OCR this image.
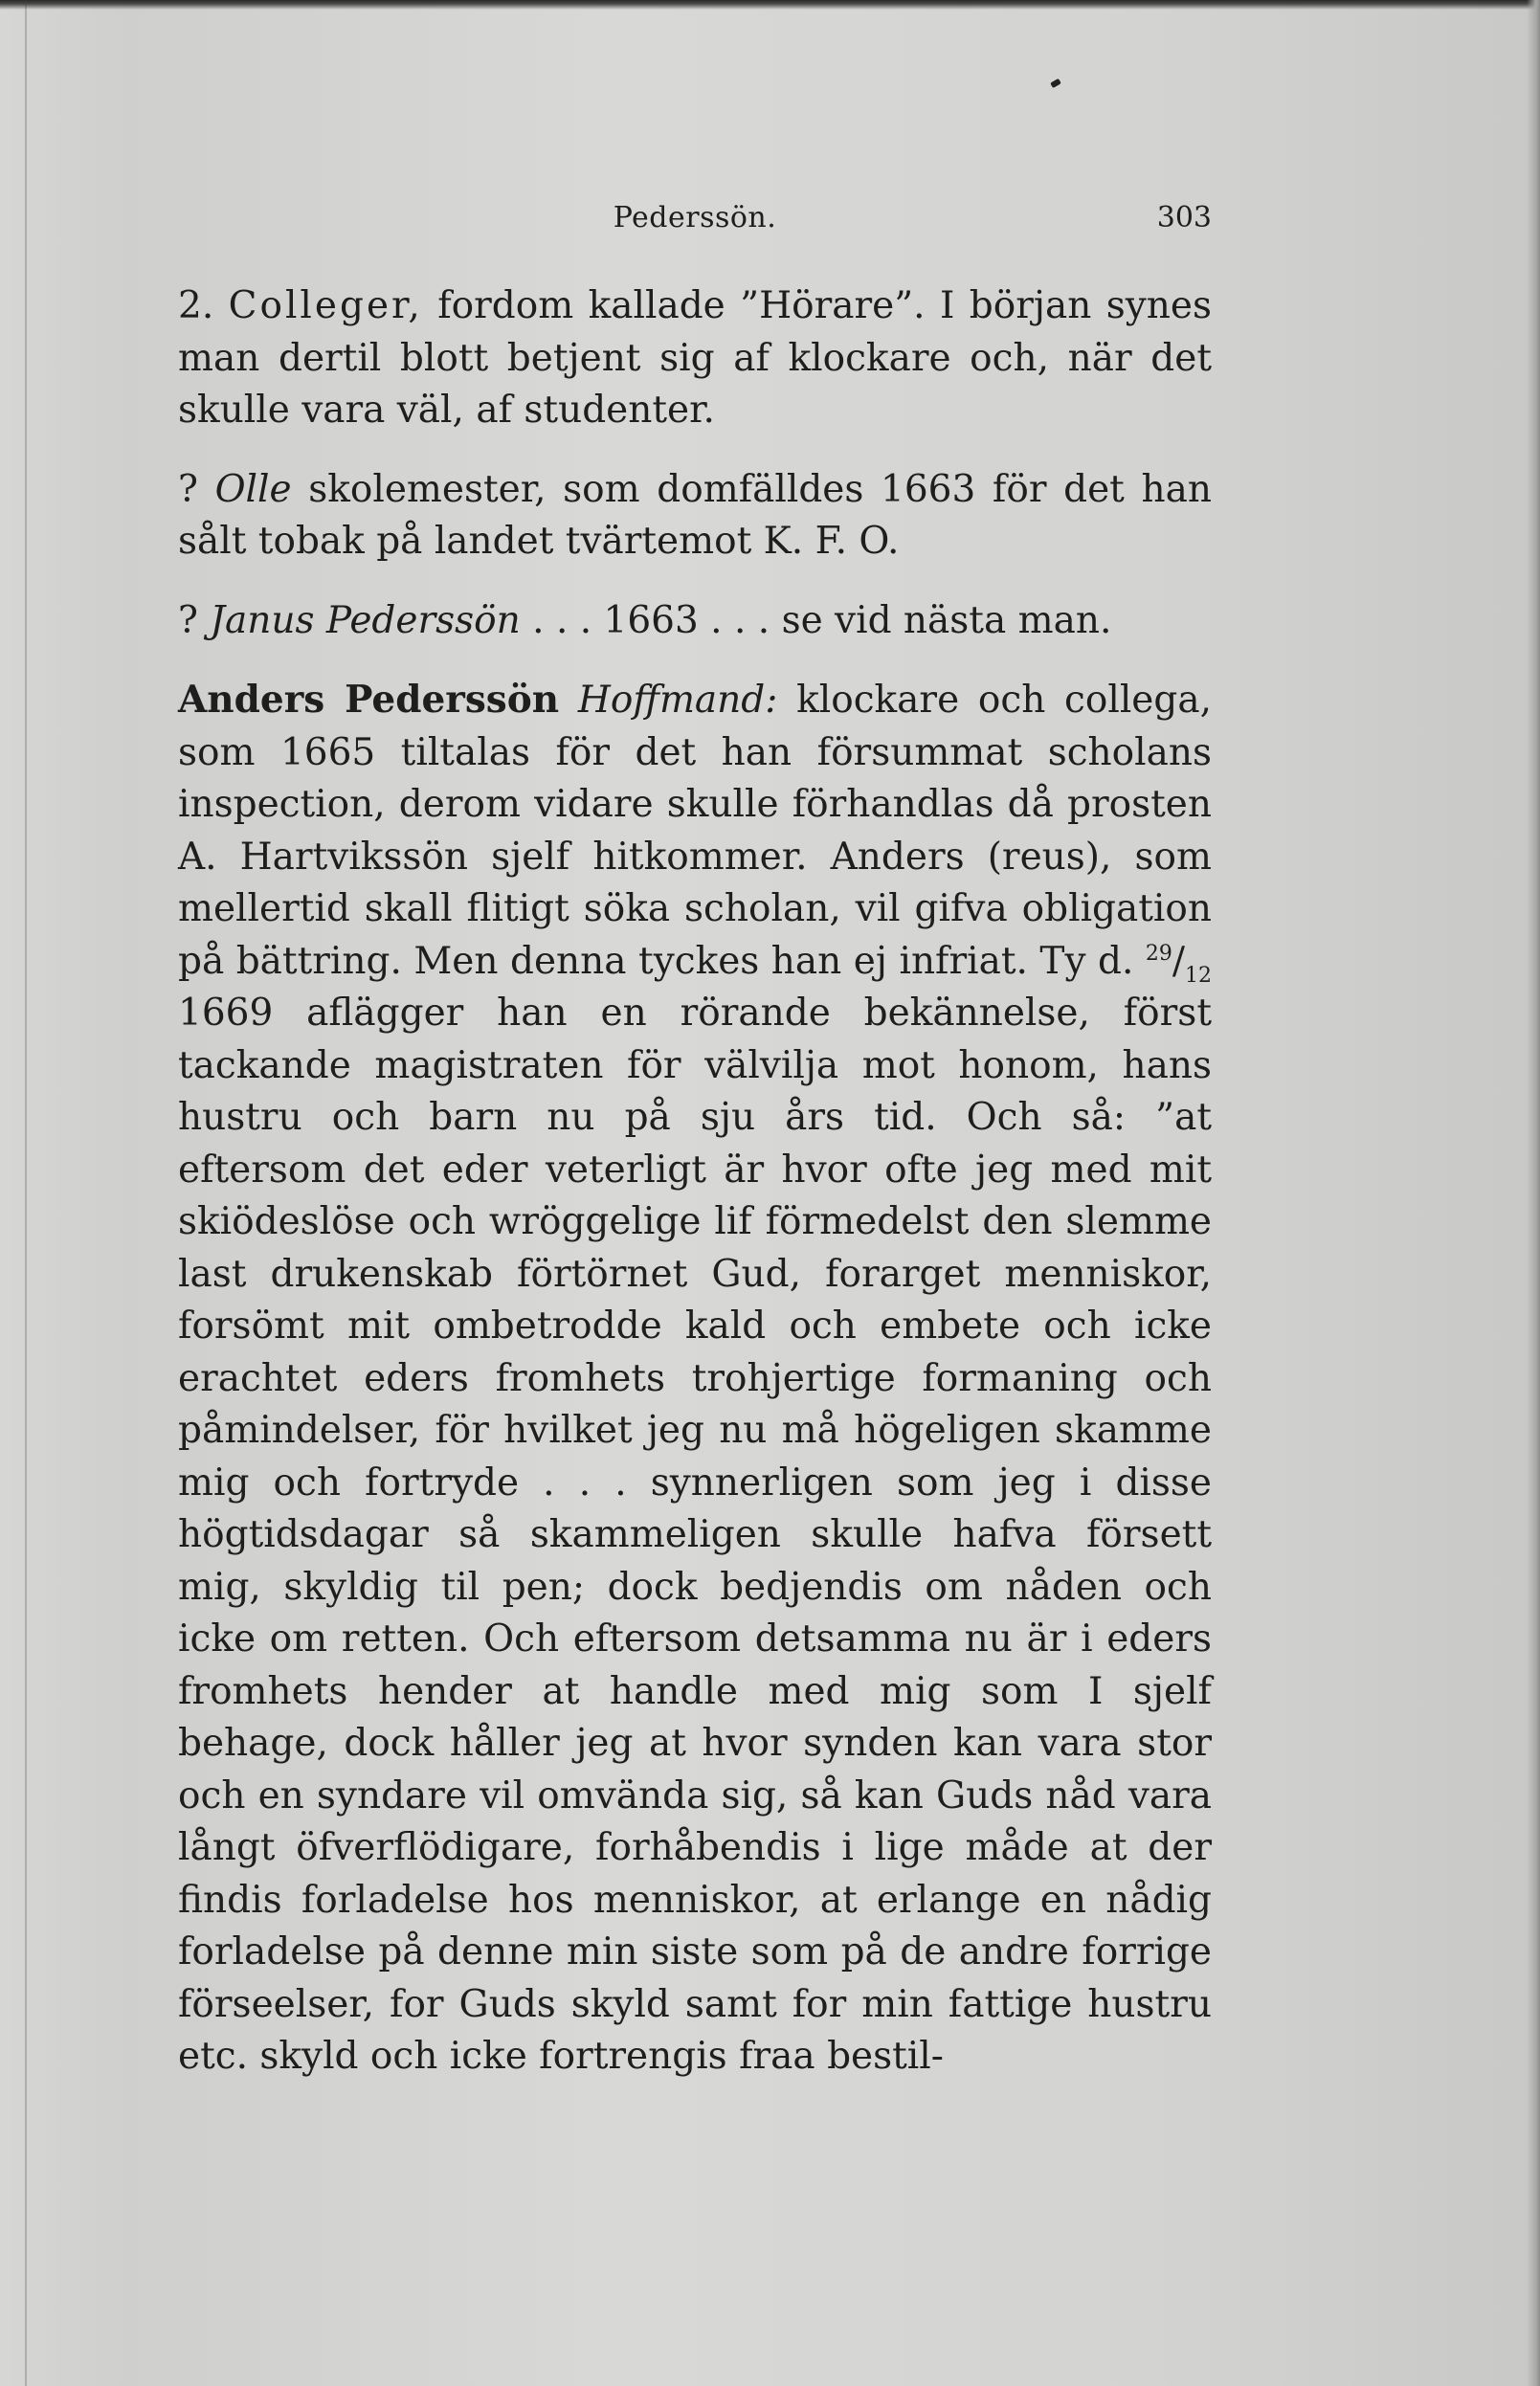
Pederssön.	303

2. Colleger, fordom kallade ”Hörare”. I början synes man dertil blott betjent sig af klockare och, när det skulle vara väl, af studenter.

? Olle skolemester, som domfälldes 1663 för det han sålt tobak på landet tvärtemot K. F. O.

? Janus Pederssön . . . 1663 . . . se vid nästa man.

Anders Pederssön Hoffmand: klockare och collega, som 1665 tiltalas för det han försummat scholans inspection, derom vidare skulle förhandlas då prosten A. Hartvikssön sjelf hitkommer. Anders (reus), som mellertid skall flitigt söka scholan, vil gifva obligation på bättring. Men denna tyckes han ej infriat. Ty d. $^{29}/_{12}$ 1669 aflägger han en rörande bekännelse, först tackande magistraten för välvilja mot honom, hans hustru och barn nu på sju års tid. Och så: ”at eftersom det eder veterligt är hvor ofte jeg med mit skiödeslöse och wröggelige lif förmedelst den slemme last drukenskab förtörnet Gud, forarget menniskor, forsömt mit ombetrodde kald och embete och icke erachtet eders fromhets trohjertige formaning och påmindelser, för hvilket jeg nu må högeligen skamme mig och fortryde . . . synnerligen som jeg i disse högtidsdagar så skammeligen skulle hafva försett mig, skyldig til pen; dock bedjendis om nåden och icke om retten. Och eftersom detsamma nu är i eders fromhets hender at handle med mig som I sjelf behage, dock håller jeg at hvor synden kan vara stor och en syndare vil omvända sig, så kan Guds nåd vara långt öfverflödigare, forhåbendis i lige måde at der findis forladelse hos menniskor, at erlange en nådig forladelse på denne min siste som på de andre forrige förseelser, for Guds skyld samt for min fattige hustru etc. skyld och icke fortrengis fraa bestil-
